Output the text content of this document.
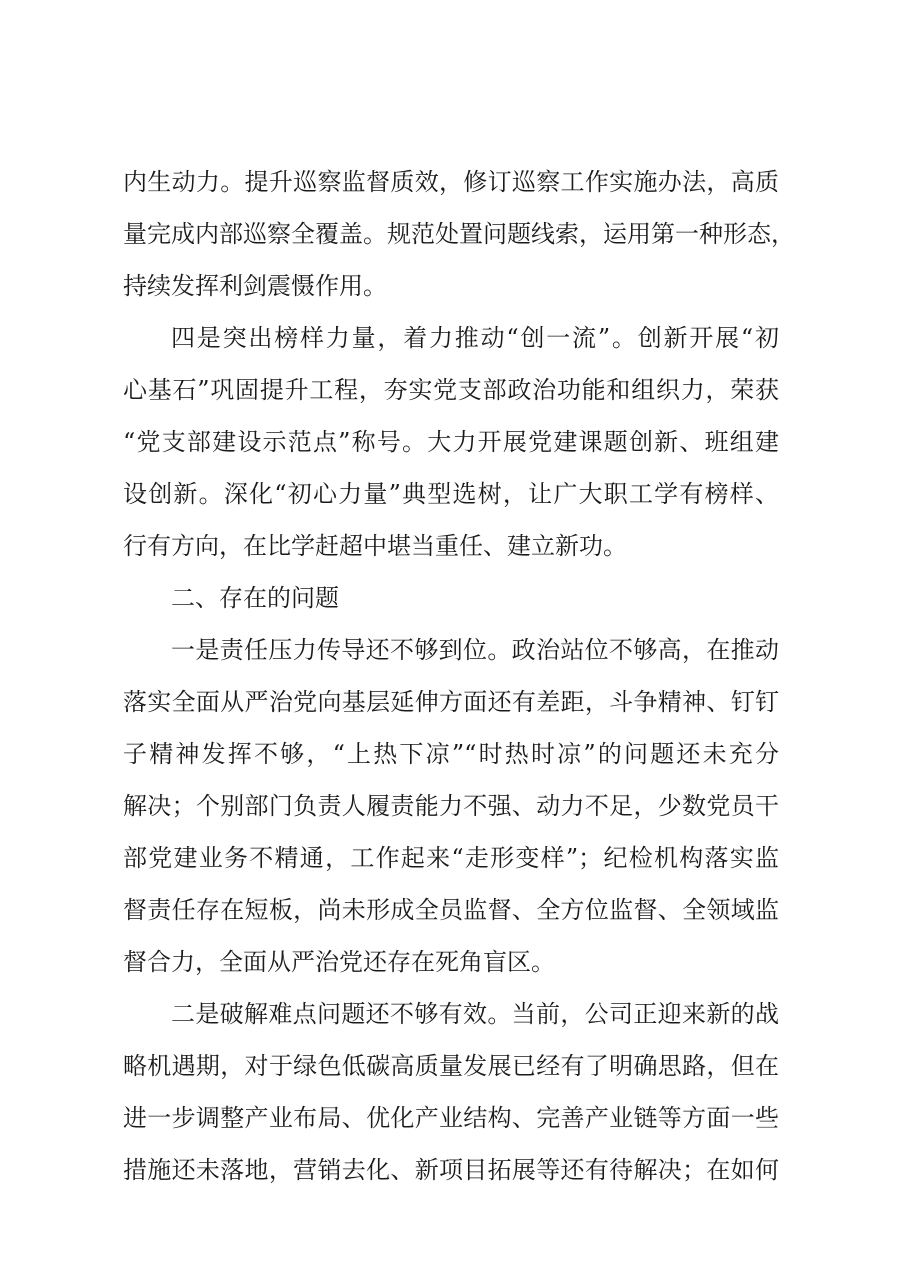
内生动力。提升巡察监督质效，修订巡察工作实施办法，高质
量完成内部巡察全覆盖。规范处置问题线索，运用第一种形态，
持续发挥利剑震慑作用。
四是突出榜样力量，着力推动“创一流”。创新开展“初
心基石”巩固提升工程，夯实党支部政治功能和组织力，荣获
“党支部建设示范点”称号。大力开展党建课题创新、班组建
设创新。深化“初心力量”典型选树，让广大职工学有榜样、
行有方向，在比学赶超中堪当重任、建立新功。
二、存在的问题
一是责任压力传导还不够到位。政治站位不够高，在推动
落实全面从严治党向基层延伸方面还有差距，斗争精神、钉钉
子精神发挥不够，“上热下凉”“时热时凉”的问题还未充分
解决；个别部门负责人履责能力不强、动力不足，少数党员干
部党建业务不精通，工作起来“走形变样”；纪检机构落实监
督责任存在短板，尚未形成全员监督、全方位监督、全领域监
督合力，全面从严治党还存在死角盲区。
二是破解难点问题还不够有效。当前，公司正迎来新的战
略机遇期，对于绿色低碳高质量发展已经有了明确思路，但在
进一步调整产业布局、优化产业结构、完善产业链等方面一些
措施还未落地，营销去化、新项目拓展等还有待解决；在如何
